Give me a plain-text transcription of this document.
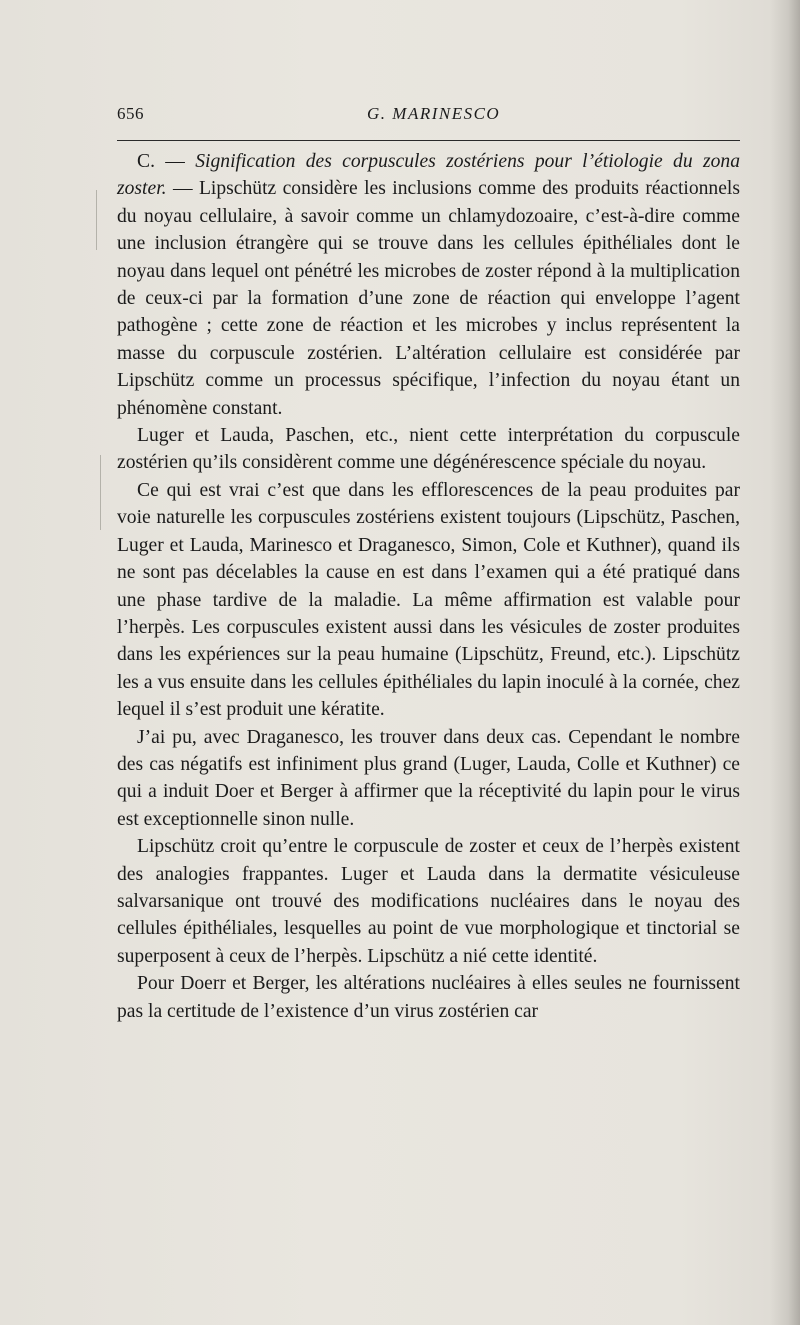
656	G. MARINESCO

C. — Signification des corpuscules zostériens pour l’étiologie du zona zoster. — Lipschütz considère les inclusions comme des produits réactionnels du noyau cellulaire, à savoir comme un chlamydozoaire, c’est-à-dire comme une inclusion étrangère qui se trouve dans les cellules épithéliales dont le noyau dans lequel ont pénétré les microbes de zoster répond à la multiplication de ceux-ci par la formation d’une zone de réaction qui enveloppe l’agent pathogène ; cette zone de réaction et les microbes y inclus représentent la masse du corpuscule zostérien. L’altération cellulaire est considérée par Lipschütz comme un processus spécifique, l’infection du noyau étant un phénomène constant.

Luger et Lauda, Paschen, etc., nient cette interprétation du corpuscule zostérien qu’ils considèrent comme une dégénérescence spéciale du noyau.

Ce qui est vrai c’est que dans les efflorescences de la peau produites par voie naturelle les corpuscules zostériens existent toujours (Lipschütz, Paschen, Luger et Lauda, Marinesco et Draganesco, Simon, Cole et Kuthner), quand ils ne sont pas décelables la cause en est dans l’examen qui a été pratiqué dans une phase tardive de la maladie. La même affirmation est valable pour l’herpès. Les corpuscules existent aussi dans les vésicules de zoster produites dans les expériences sur la peau humaine (Lipschütz, Freund, etc.). Lipschütz les a vus ensuite dans les cellules épithéliales du lapin inoculé à la cornée, chez lequel il s’est produit une kératite.

J’ai pu, avec Draganesco, les trouver dans deux cas. Cependant le nombre des cas négatifs est infiniment plus grand (Luger, Lauda, Colle et Kuthner) ce qui a induit Doer et Berger à affirmer que la réceptivité du lapin pour le virus est exceptionnelle sinon nulle.

Lipschütz croit qu’entre le corpuscule de zoster et ceux de l’herpès existent des analogies frappantes. Luger et Lauda dans la dermatite vésiculeuse salvarsanique ont trouvé des modifications nucléaires dans le noyau des cellules épithéliales, lesquelles au point de vue morphologique et tinctorial se superposent à ceux de l’herpès. Lipschütz a nié cette identité.

Pour Doerr et Berger, les altérations nucléaires à elles seules ne fournissent pas la certitude de l’existence d’un virus zostérien car
